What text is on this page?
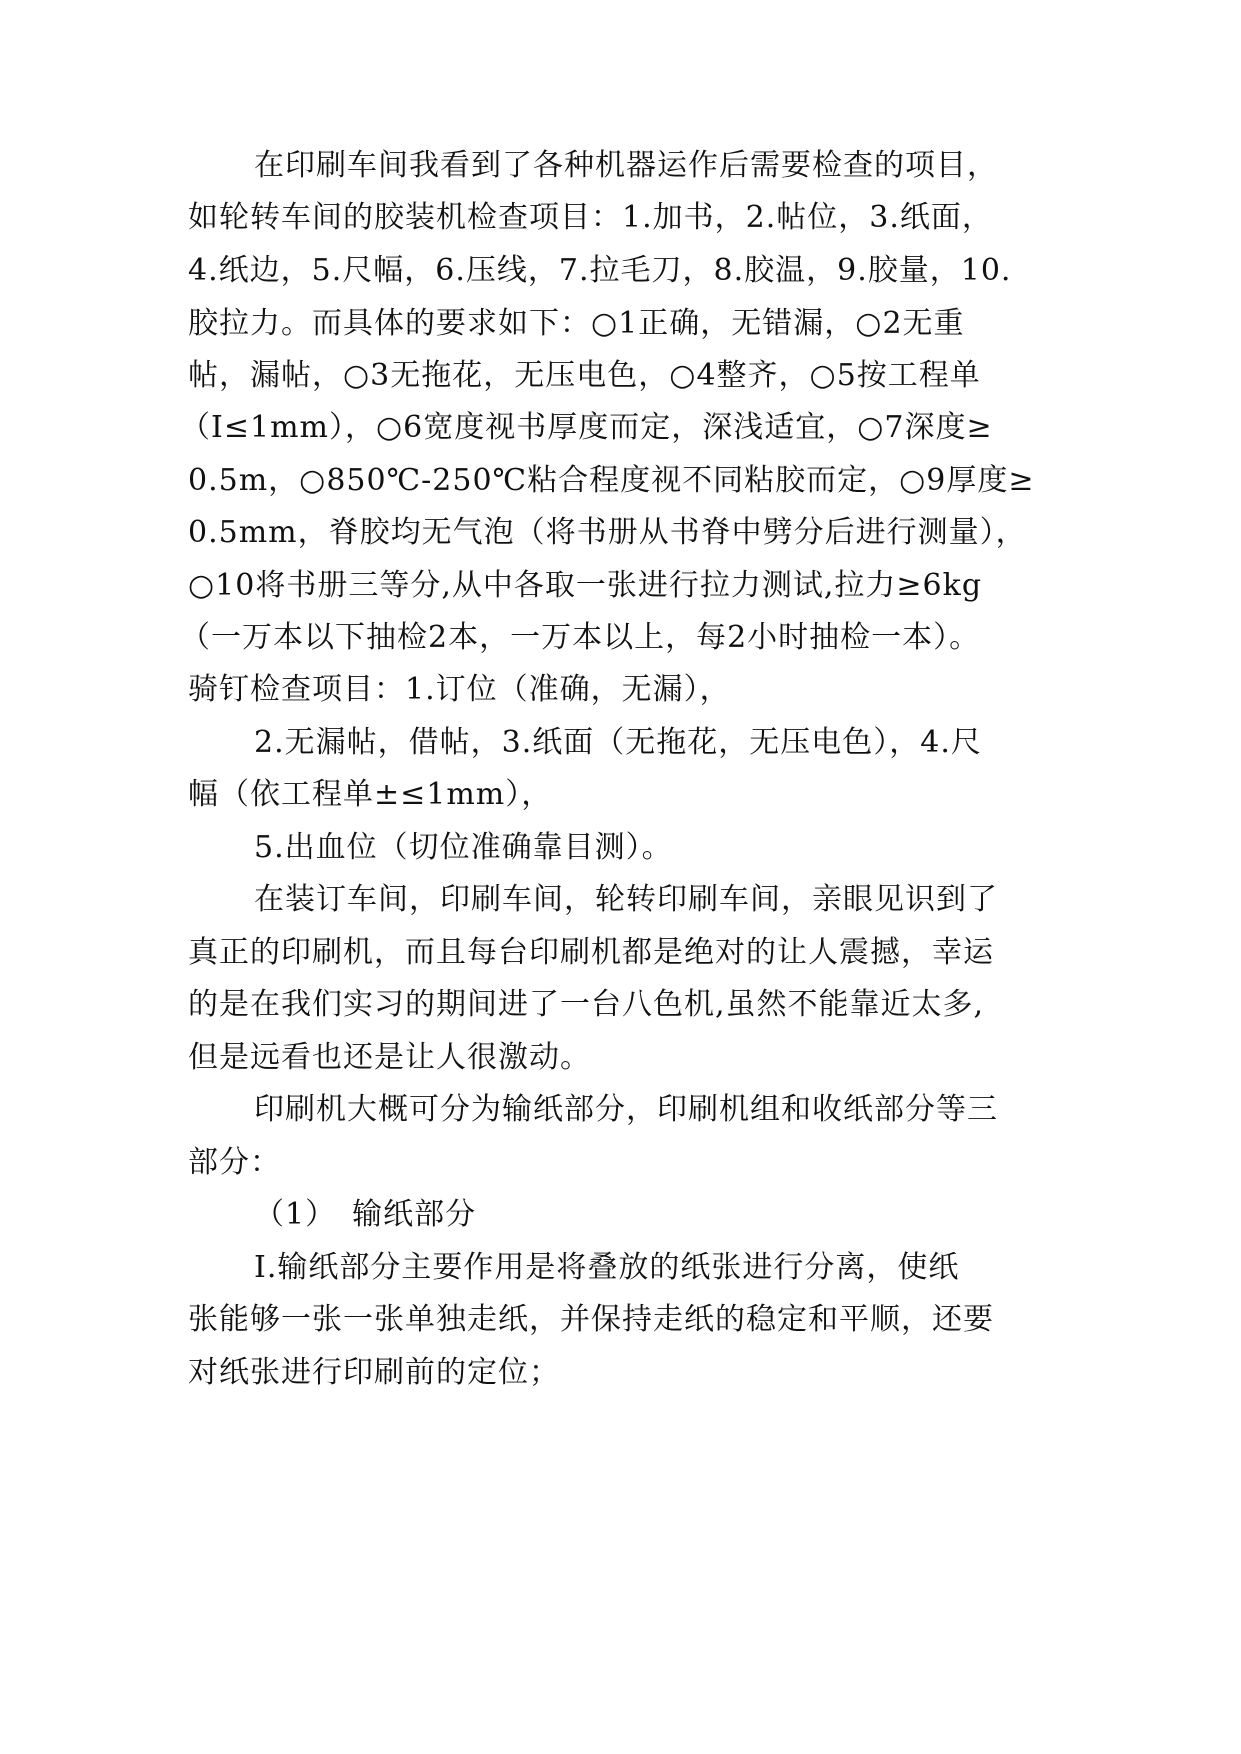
在印刷车间我看到了各种机器运作后需要检查的项目，
如轮转车间的胶装机检查项目：1.加书，2.帖位，3.纸面，
4.纸边，5.尺幅，6.压线，7.拉毛刀，8.胶温，9.胶量，10.
胶拉力。而具体的要求如下：○1正确，无错漏，○2无重
帖，漏帖，○3无拖花，无压电色，○4整齐，○5按工程单
（I≤1mm），○6宽度视书厚度而定，深浅适宜，○7深度≥
0.5m，○850℃-250℃粘合程度视不同粘胶而定，○9厚度≥
0.5mm，脊胶均无气泡（将书册从书脊中劈分后进行测量），
○10将书册三等分,从中各取一张进行拉力测试,拉力≥6kg
（一万本以下抽检2本，一万本以上，每2小时抽检一本）。
骑钉检查项目：1.订位（准确，无漏），
2.无漏帖，借帖，3.纸面（无拖花，无压电色），4.尺
幅（依工程单±≤1mm），
5.出血位（切位准确靠目测）。
在装订车间，印刷车间，轮转印刷车间，亲眼见识到了
真正的印刷机，而且每台印刷机都是绝对的让人震撼，幸运
的是在我们实习的期间进了一台八色机,虽然不能靠近太多,
但是远看也还是让人很激动。
印刷机大概可分为输纸部分，印刷机组和收纸部分等三
部分：
（1）　输纸部分
Ⅰ.输纸部分主要作用是将叠放的纸张进行分离，使纸
张能够一张一张单独走纸，并保持走纸的稳定和平顺，还要
对纸张进行印刷前的定位；
